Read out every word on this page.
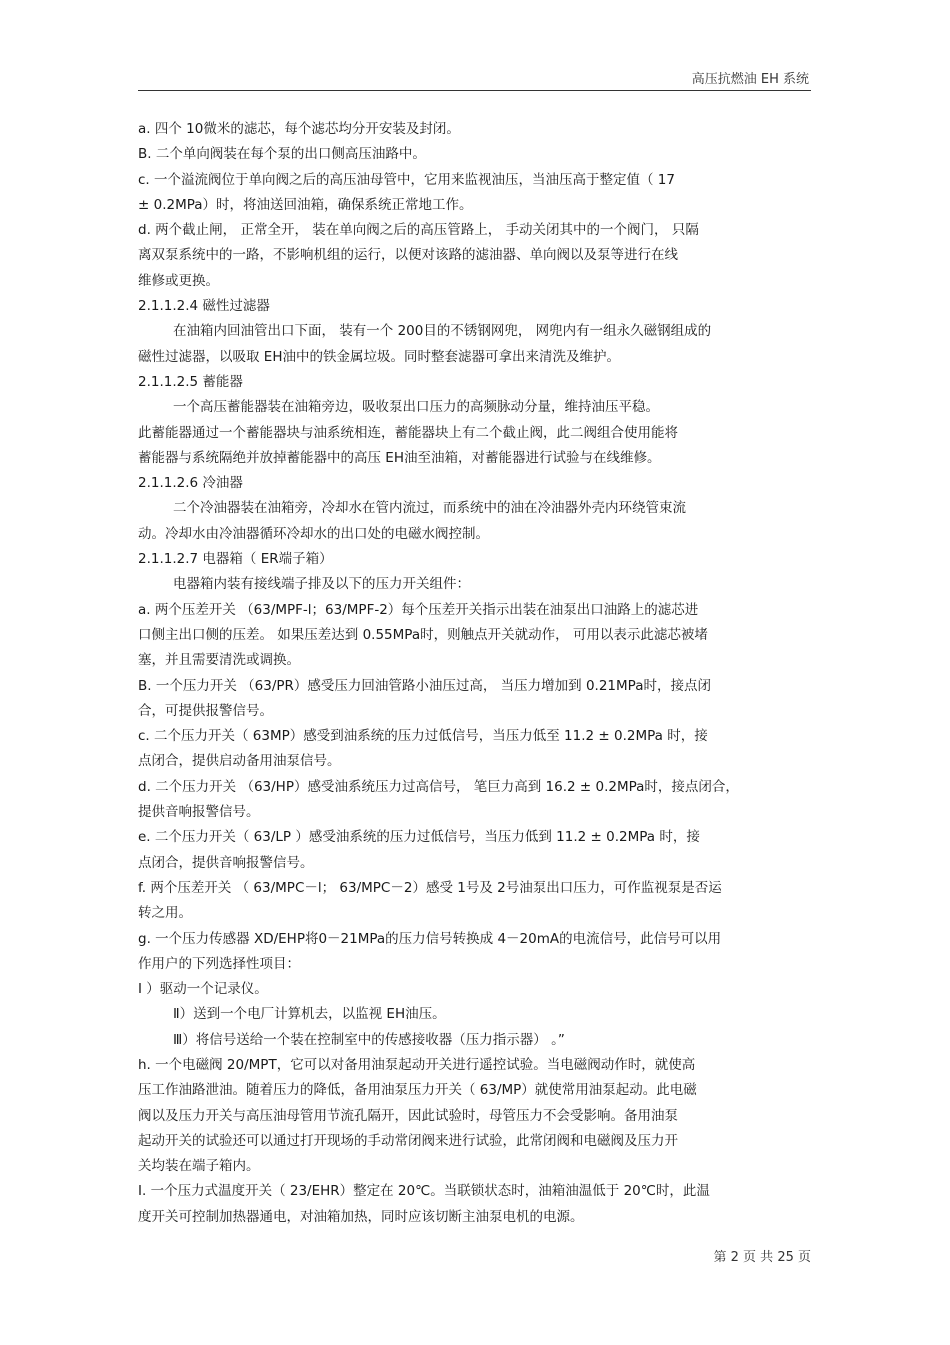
高压抗燃油 EH 系统
a. 四个 10微米的滤芯，每个滤芯均分开安装及封闭。
B. 二个单向阀装在每个泵的出口侧高压油路中。
c. 一个溢流阀位于单向阀之后的高压油母管中，它用来监视油压，当油压高于整定值（ 17
± 0.2MPa）时，将油送回油箱，确保系统正常地工作。
d. 两个截止闸， 正常全开， 装在单向阀之后的高压管路上， 手动关闭其中的一个阀门， 只隔
离双泵系统中的一路，不影响机组的运行，以便对该路的滤油器、单向阀以及泵等进行在线
维修或更换。
2.1.1.2.4 磁性过滤器
在油箱内回油管出口下面， 装有一个 200目的不锈钢网兜， 网兜内有一组永久磁钢组成的
磁性过滤器，以吸取 EH油中的铁金属垃圾。同时整套滤器可拿出来清洗及维护。
2.1.1.2.5 蓄能器
一个高压蓄能器装在油箱旁边，吸收泵出口压力的高频脉动分量，维持油压平稳。
此蓄能器通过一个蓄能器块与油系统相连，蓄能器块上有二个截止阀，此二阀组合使用能将
蓄能器与系统隔绝并放掉蓄能器中的高压 EH油至油箱，对蓄能器进行试验与在线维修。
2.1.1.2.6 冷油器
二个冷油器装在油箱旁，冷却水在管内流过，而系统中的油在冷油器外壳内环绕管束流
动。冷却水由冷油器循环冷却水的出口处的电磁水阀控制。
2.1.1.2.7 电器箱（ ER端子箱）
电器箱内装有接线端子排及以下的压力开关组件：
a. 两个压差开关 （63/MPF-l；63/MPF-2）每个压差开关指示出装在油泵出口油路上的滤芯进
口侧主出口侧的压差。 如果压差达到 0.55MPa时，则触点开关就动作， 可用以表示此滤芯被堵
塞，并且需要清洗或调换。
B. 一个压力开关 （63/PR）感受压力回油管路小油压过高， 当压力增加到 0.21MPa时，接点闭
合，可提供报警信号。
c. 二个压力开关（ 63MP）感受到油系统的压力过低信号，当压力低至 11.2 ± 0.2MPa 时，接
点闭合，提供启动备用油泵信号。
d. 二个压力开关 （63/HP）感受油系统压力过高信号， 笔巨力高到 16.2 ± 0.2MPa时，接点闭合，
提供音响报警信号。
e. 二个压力开关（ 63/LP ）感受油系统的压力过低信号，当压力低到 11.2 ± 0.2MPa 时，接
点闭合，提供音响报警信号。
f. 两个压差开关 （ 63/MPC－l； 63/MPC－2）感受 1号及 2号油泵出口压力，可作监视泵是否运
转之用。
g. 一个压力传感器 XD/EHP将0－21MPa的压力信号转换成 4－20mA的电流信号，此信号可以用
作用户的下列选择性项目：
Ⅰ ）驱动一个记录仪。
Ⅱ）送到一个电厂计算机去，以监视 EH油压。
Ⅲ）将信号送给一个装在控制室中的传感接收器（压力指示器） 。”
h. 一个电磁阀 20/MPT，它可以对备用油泵起动开关进行遥控试验。当电磁阀动作时，就使高
压工作油路泄油。随着压力的降低，备用油泵压力开关（ 63/MP）就使常用油泵起动。此电磁
阀以及压力开关与高压油母管用节流孔隔开，因此试验时，母管压力不会受影响。备用油泵
起动开关的试验还可以通过打开现场的手动常闭阀来进行试验，此常闭阀和电磁阀及压力开
关均装在端子箱内。
I. 一个压力式温度开关（ 23/EHR）整定在 20℃。当联锁状态时，油箱油温低于 20℃时，此温
度开关可控制加热器通电，对油箱加热，同时应该切断主油泵电机的电源。
第 2 页 共 25 页
